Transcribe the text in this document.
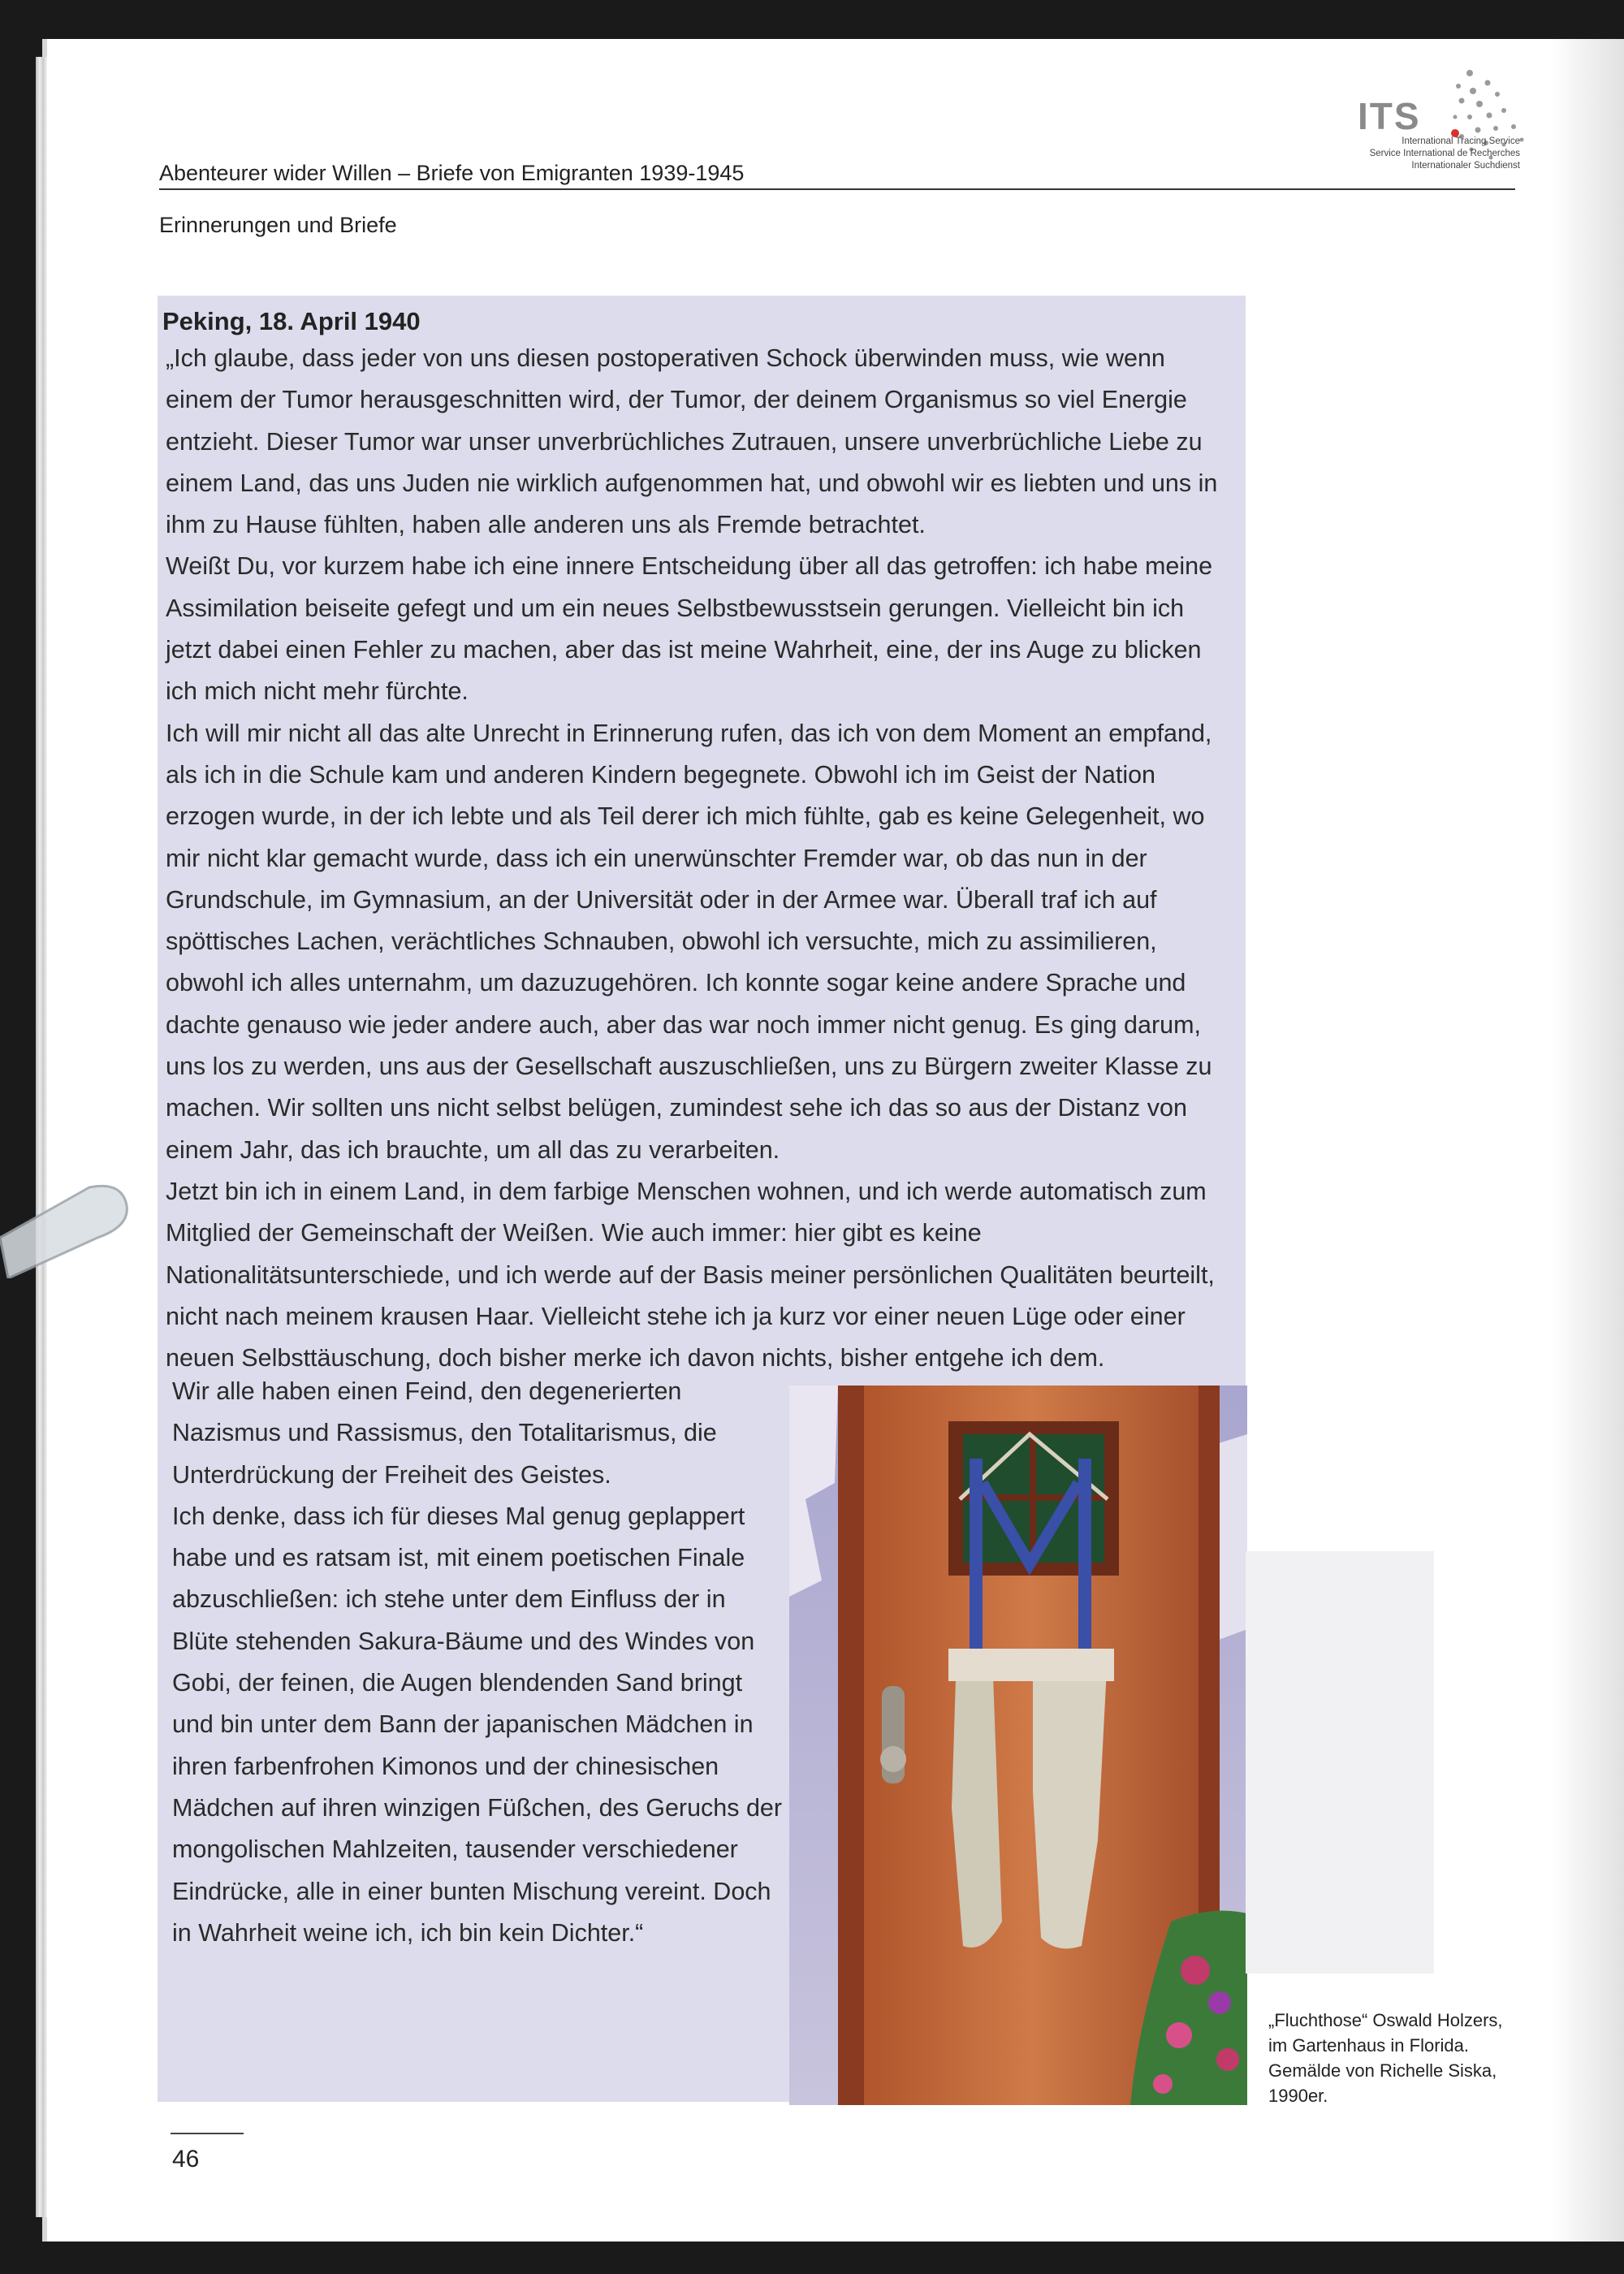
ITS
International Tracing Service
Service International de Recherches
Internationaler Suchdienst
Abenteurer wider Willen – Briefe von Emigranten 1939-1945
Erinnerungen und Briefe
Peking, 18. April 1940

„Ich glaube, dass jeder von uns diesen postoperativen Schock überwinden muss, wie wenn einem der Tumor herausgeschnitten wird, der Tumor, der deinem Organismus so viel Energie entzieht. Dieser Tumor war unser unverbrüchliches Zutrauen, unsere unverbrüchliche Liebe zu einem Land, das uns Juden nie wirklich aufgenommen hat, und obwohl wir es liebten und uns in ihm zu Hause fühlten, haben alle anderen uns als Fremde betrachtet.

Weißt Du, vor kurzem habe ich eine innere Entscheidung über all das getroffen: ich habe meine Assimilation beiseite gefegt und um ein neues Selbstbewusstsein gerungen. Vielleicht bin ich jetzt dabei einen Fehler zu machen, aber das ist meine Wahrheit, eine, der ins Auge zu blicken ich mich nicht mehr fürchte.

Ich will mir nicht all das alte Unrecht in Erinnerung rufen, das ich von dem Moment an empfand, als ich in die Schule kam und anderen Kindern begegnete. Obwohl ich im Geist der Nation erzogen wurde, in der ich lebte und als Teil derer ich mich fühlte, gab es keine Gelegenheit, wo mir nicht klar gemacht wurde, dass ich ein unerwünschter Fremder war, ob das nun in der Grundschule, im Gymnasium, an der Universität oder in der Armee war. Überall traf ich auf spöttisches Lachen, verächtliches Schnauben, obwohl ich versuchte, mich zu assimilieren, obwohl ich alles unternahm, um dazuzugehören. Ich konnte sogar keine andere Sprache und dachte genauso wie jeder andere auch, aber das war noch immer nicht genug. Es ging darum, uns los zu werden, uns aus der Gesellschaft auszuschließen, uns zu Bürgern zweiter Klasse zu machen. Wir sollten uns nicht selbst belügen, zumindest sehe ich das so aus der Distanz von einem Jahr, das ich brauchte, um all das zu verarbeiten.

Jetzt bin ich in einem Land, in dem farbige Menschen wohnen, und ich werde automatisch zum Mitglied der Gemeinschaft der Weißen. Wie auch immer: hier gibt es keine Nationalitätsunterschiede, und ich werde auf der Basis meiner persönlichen Qualitäten beurteilt, nicht nach meinem krausen Haar. Vielleicht stehe ich ja kurz vor einer neuen Lüge oder einer neuen Selbsttäuschung, doch bisher merke ich davon nichts, bisher entgehe ich dem.

Wir alle haben einen Feind, den degenerierten Nazismus und Rassismus, den Totalitarismus, die Unterdrückung der Freiheit des Geistes.

Ich denke, dass ich für dieses Mal genug geplappert habe und es ratsam ist, mit einem poetischen Finale abzuschließen: ich stehe unter dem Einfluss der in Blüte stehenden Sakura-Bäume und des Windes von Gobi, der feinen, die Augen blendenden Sand bringt und bin unter dem Bann der japanischen Mädchen in ihren farbenfrohen Kimonos und der chinesischen Mädchen auf ihren winzigen Füßchen, des Geruchs der mongolischen Mahlzeiten, tausender verschiedener Eindrücke, alle in einer bunten Mischung vereint. Doch in Wahrheit weine ich, ich bin kein Dichter.“

„Fluchthose“ Oswald Holzers,
im Gartenhaus in Florida.
Gemälde von Richelle Siska,
1990er.
46
